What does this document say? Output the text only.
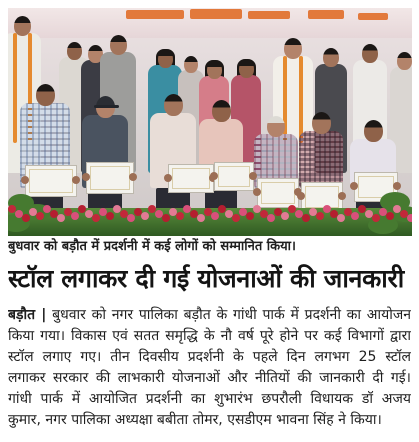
बुधवार को बड़ौत में प्रदर्शनी में कई लोगों को सम्मानित किया।
स्टॉल लगाकर दी गई योजनाओं की जानकारी
बड़ौत | बुधवार को नगर पालिका बड़ौत के गांधी पार्क में प्रदर्शनी का आयोजन
किया गया। विकास एवं सतत समृद्धि के नौ वर्ष पूरे होने पर कई विभागों द्वारा
स्टॉल लगाए गए। तीन दिवसीय प्रदर्शनी के पहले दिन लगभग 25 स्टॉल
लगाकर सरकार की लाभकारी योजनाओं और नीतियों की जानकारी दी गई।
गांधी पार्क में आयोजित प्रदर्शनी का शुभारंभ छपरौली विधायक डॉ अजय
कुमार, नगर पालिका अध्यक्षा बबीता तोमर, एसडीएम भावना सिंह ने किया।
